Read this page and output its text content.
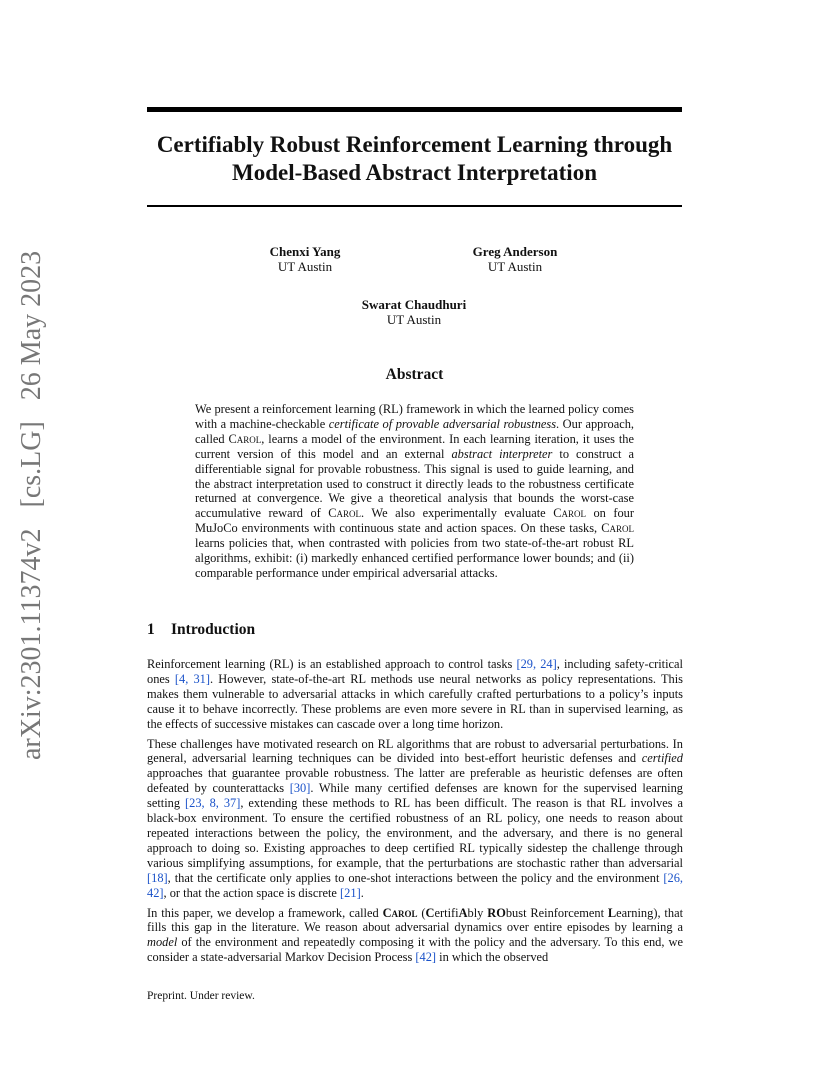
arXiv:2301.11374v2 [cs.LG] 26 May 2023
Certifiably Robust Reinforcement Learning through
Model-Based Abstract Interpretation
Chenxi Yang
UT Austin
Greg Anderson
UT Austin
Swarat Chaudhuri
UT Austin
Abstract
We present a reinforcement learning (RL) framework in which the learned policy comes with a machine-checkable certificate of provable adversarial robustness. Our approach, called Carol, learns a model of the environment. In each learning iteration, it uses the current version of this model and an external abstract interpreter to construct a differentiable signal for provable robustness. This signal is used to guide learning, and the abstract interpretation used to construct it directly leads to the robustness certificate returned at convergence. We give a theoretical analysis that bounds the worst-case accumulative reward of Carol. We also experimentally evaluate Carol on four MuJoCo environments with continuous state and action spaces. On these tasks, Carol learns policies that, when contrasted with policies from two state-of-the-art robust RL algorithms, exhibit: (i) markedly enhanced certified performance lower bounds; and (ii) comparable performance under empirical adversarial attacks.
1 Introduction

Reinforcement learning (RL) is an established approach to control tasks [29, 24], including safety-critical ones [4, 31]. However, state-of-the-art RL methods use neural networks as policy representations. This makes them vulnerable to adversarial attacks in which carefully crafted perturbations to a policy’s inputs cause it to behave incorrectly. These problems are even more severe in RL than in supervised learning, as the effects of successive mistakes can cascade over a long time horizon.

These challenges have motivated research on RL algorithms that are robust to adversarial perturbations. In general, adversarial learning techniques can be divided into best-effort heuristic defenses and certified approaches that guarantee provable robustness. The latter are preferable as heuristic defenses are often defeated by counterattacks [30]. While many certified defenses are known for the supervised learning setting [23, 8, 37], extending these methods to RL has been difficult. The reason is that RL involves a black-box environment. To ensure the certified robustness of an RL policy, one needs to reason about repeated interactions between the policy, the environment, and the adversary, and there is no general approach to doing so. Existing approaches to deep certified RL typically sidestep the challenge through various simplifying assumptions, for example, that the perturbations are stochastic rather than adversarial [18], that the certificate only applies to one-shot interactions between the policy and the environment [26, 42], or that the action space is discrete [21].

In this paper, we develop a framework, called Carol (CertifiAbly RObust Reinforcement Learning), that fills this gap in the literature. We reason about adversarial dynamics over entire episodes by learning a model of the environment and repeatedly composing it with the policy and the adversary. To this end, we consider a state-adversarial Markov Decision Process [42] in which the observed

Preprint. Under review.
